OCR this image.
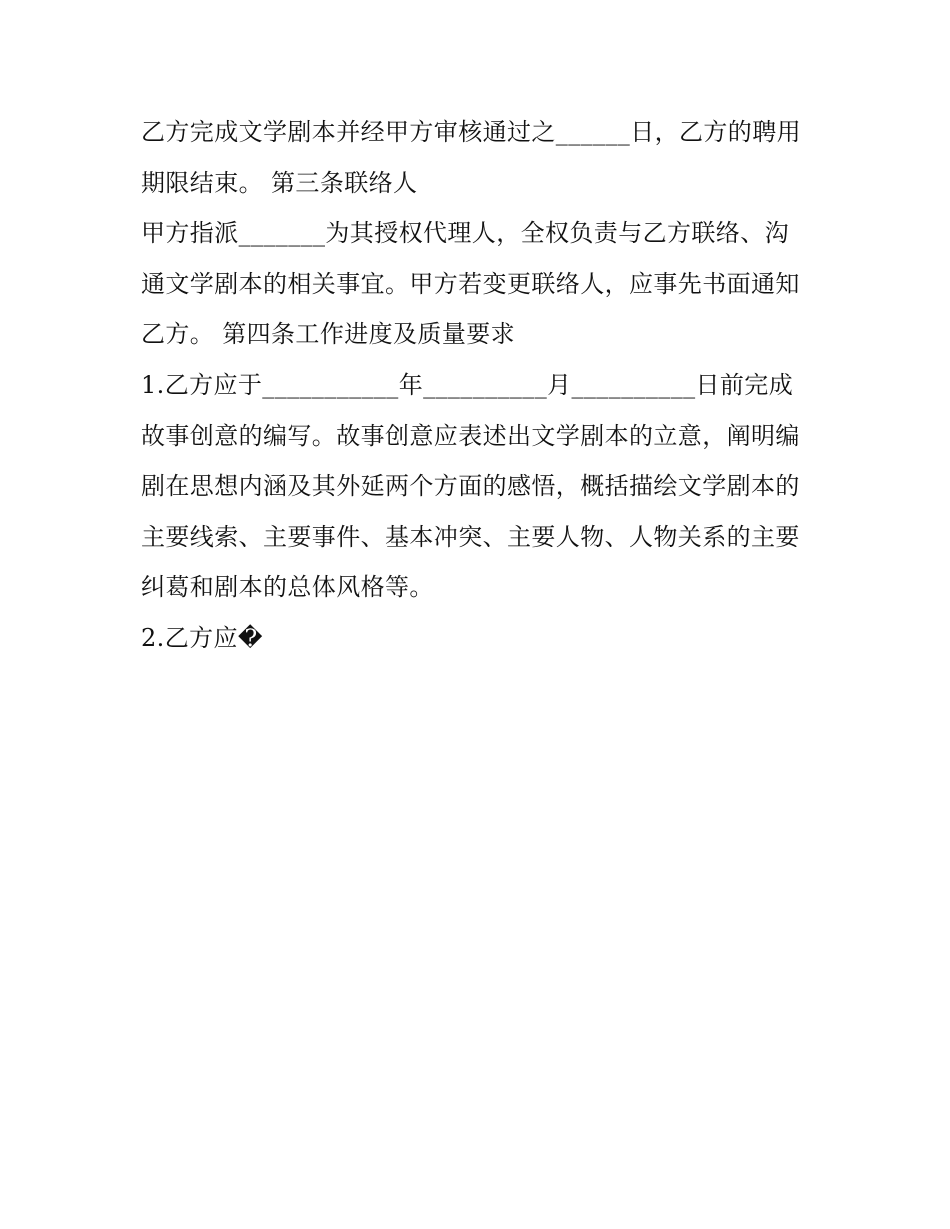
乙方完成文学剧本并经甲方审核通过之______日，乙方的聘用
期限结束。 第三条联络人
甲方指派_______为其授权代理人，全权负责与乙方联络、沟
通文学剧本的相关事宜。甲方若变更联络人，应事先书面通知
乙方。 第四条工作进度及质量要求
1.乙方应于___________年__________月__________日前完成
故事创意的编写。故事创意应表述出文学剧本的立意，阐明编
剧在思想内涵及其外延两个方面的感悟，概括描绘文学剧本的
主要线索、主要事件、基本冲突、主要人物、人物关系的主要
纠葛和剧本的总体风格等。
2.乙方应�
